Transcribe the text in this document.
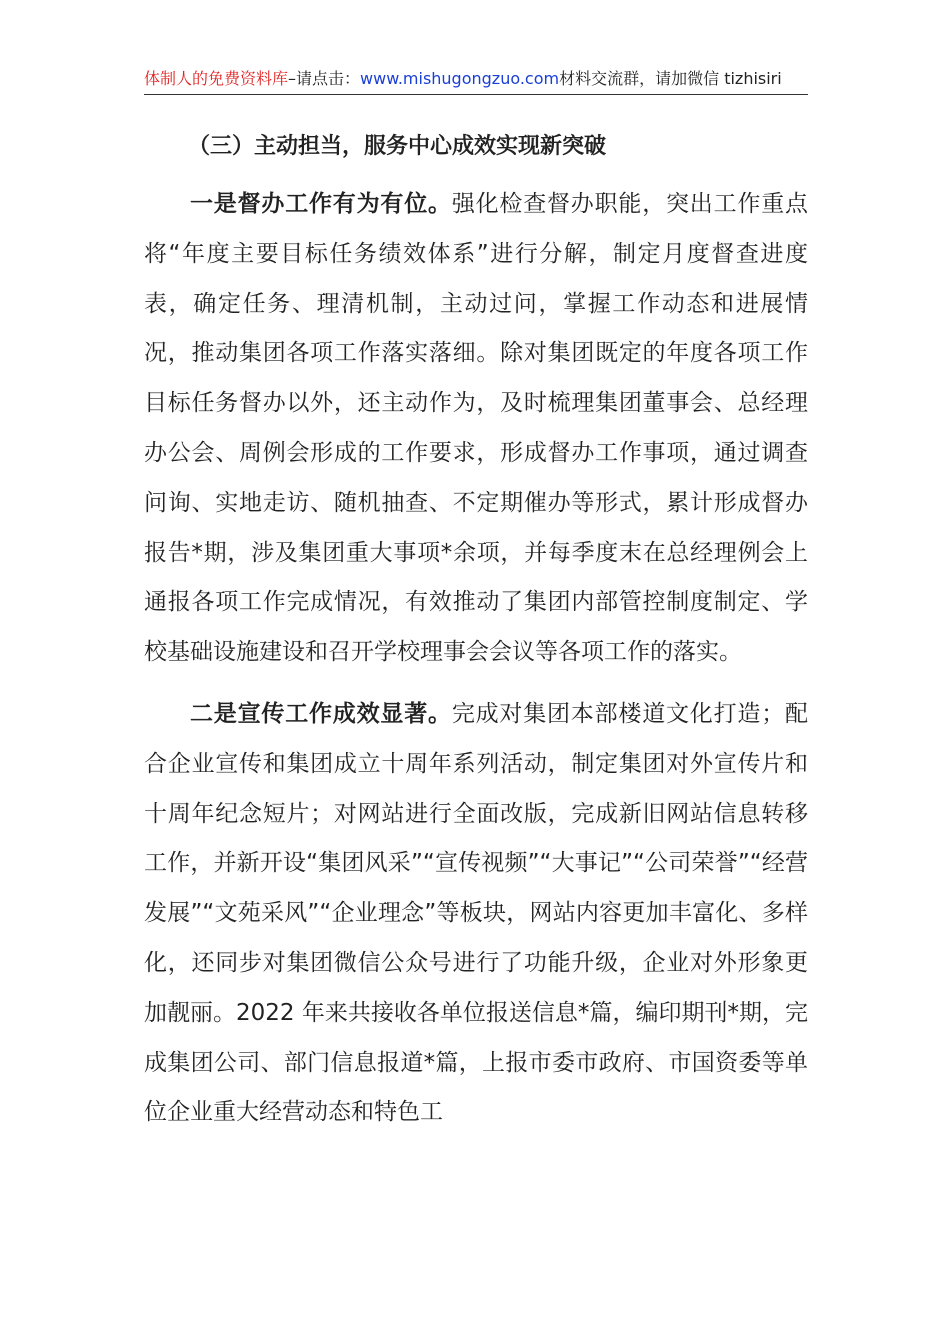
体制人的免费资料库–请点击：www.mishugongzuo.com材料交流群，请加微信 tizhisiri
（三）主动担当，服务中心成效实现新突破

一是督办工作有为有位。强化检查督办职能，突出工作重点将“年度主要目标任务绩效体系”进行分解，制定月度督查进度表，确定任务、理清机制，主动过问，掌握工作动态和进展情况，推动集团各项工作落实落细。除对集团既定的年度各项工作目标任务督办以外，还主动作为，及时梳理集团董事会、总经理办公会、周例会形成的工作要求，形成督办工作事项，通过调查问询、实地走访、随机抽查、不定期催办等形式，累计形成督办报告*期，涉及集团重大事项*余项，并每季度末在总经理例会上通报各项工作完成情况，有效推动了集团内部管控制度制定、学校基础设施建设和召开学校理事会会议等各项工作的落实。

二是宣传工作成效显著。完成对集团本部楼道文化打造；配合企业宣传和集团成立十周年系列活动，制定集团对外宣传片和十周年纪念短片；对网站进行全面改版，完成新旧网站信息转移工作，并新开设“集团风采”“宣传视频”“大事记”“公司荣誉”“经营发展”“文苑采风”“企业理念”等板块，网站内容更加丰富化、多样化，还同步对集团微信公众号进行了功能升级，企业对外形象更加靓丽。2022 年来共接收各单位报送信息*篇，编印期刊*期，完成集团公司、部门信息报道*篇，上报市委市政府、市国资委等单位企业重大经营动态和特色工
